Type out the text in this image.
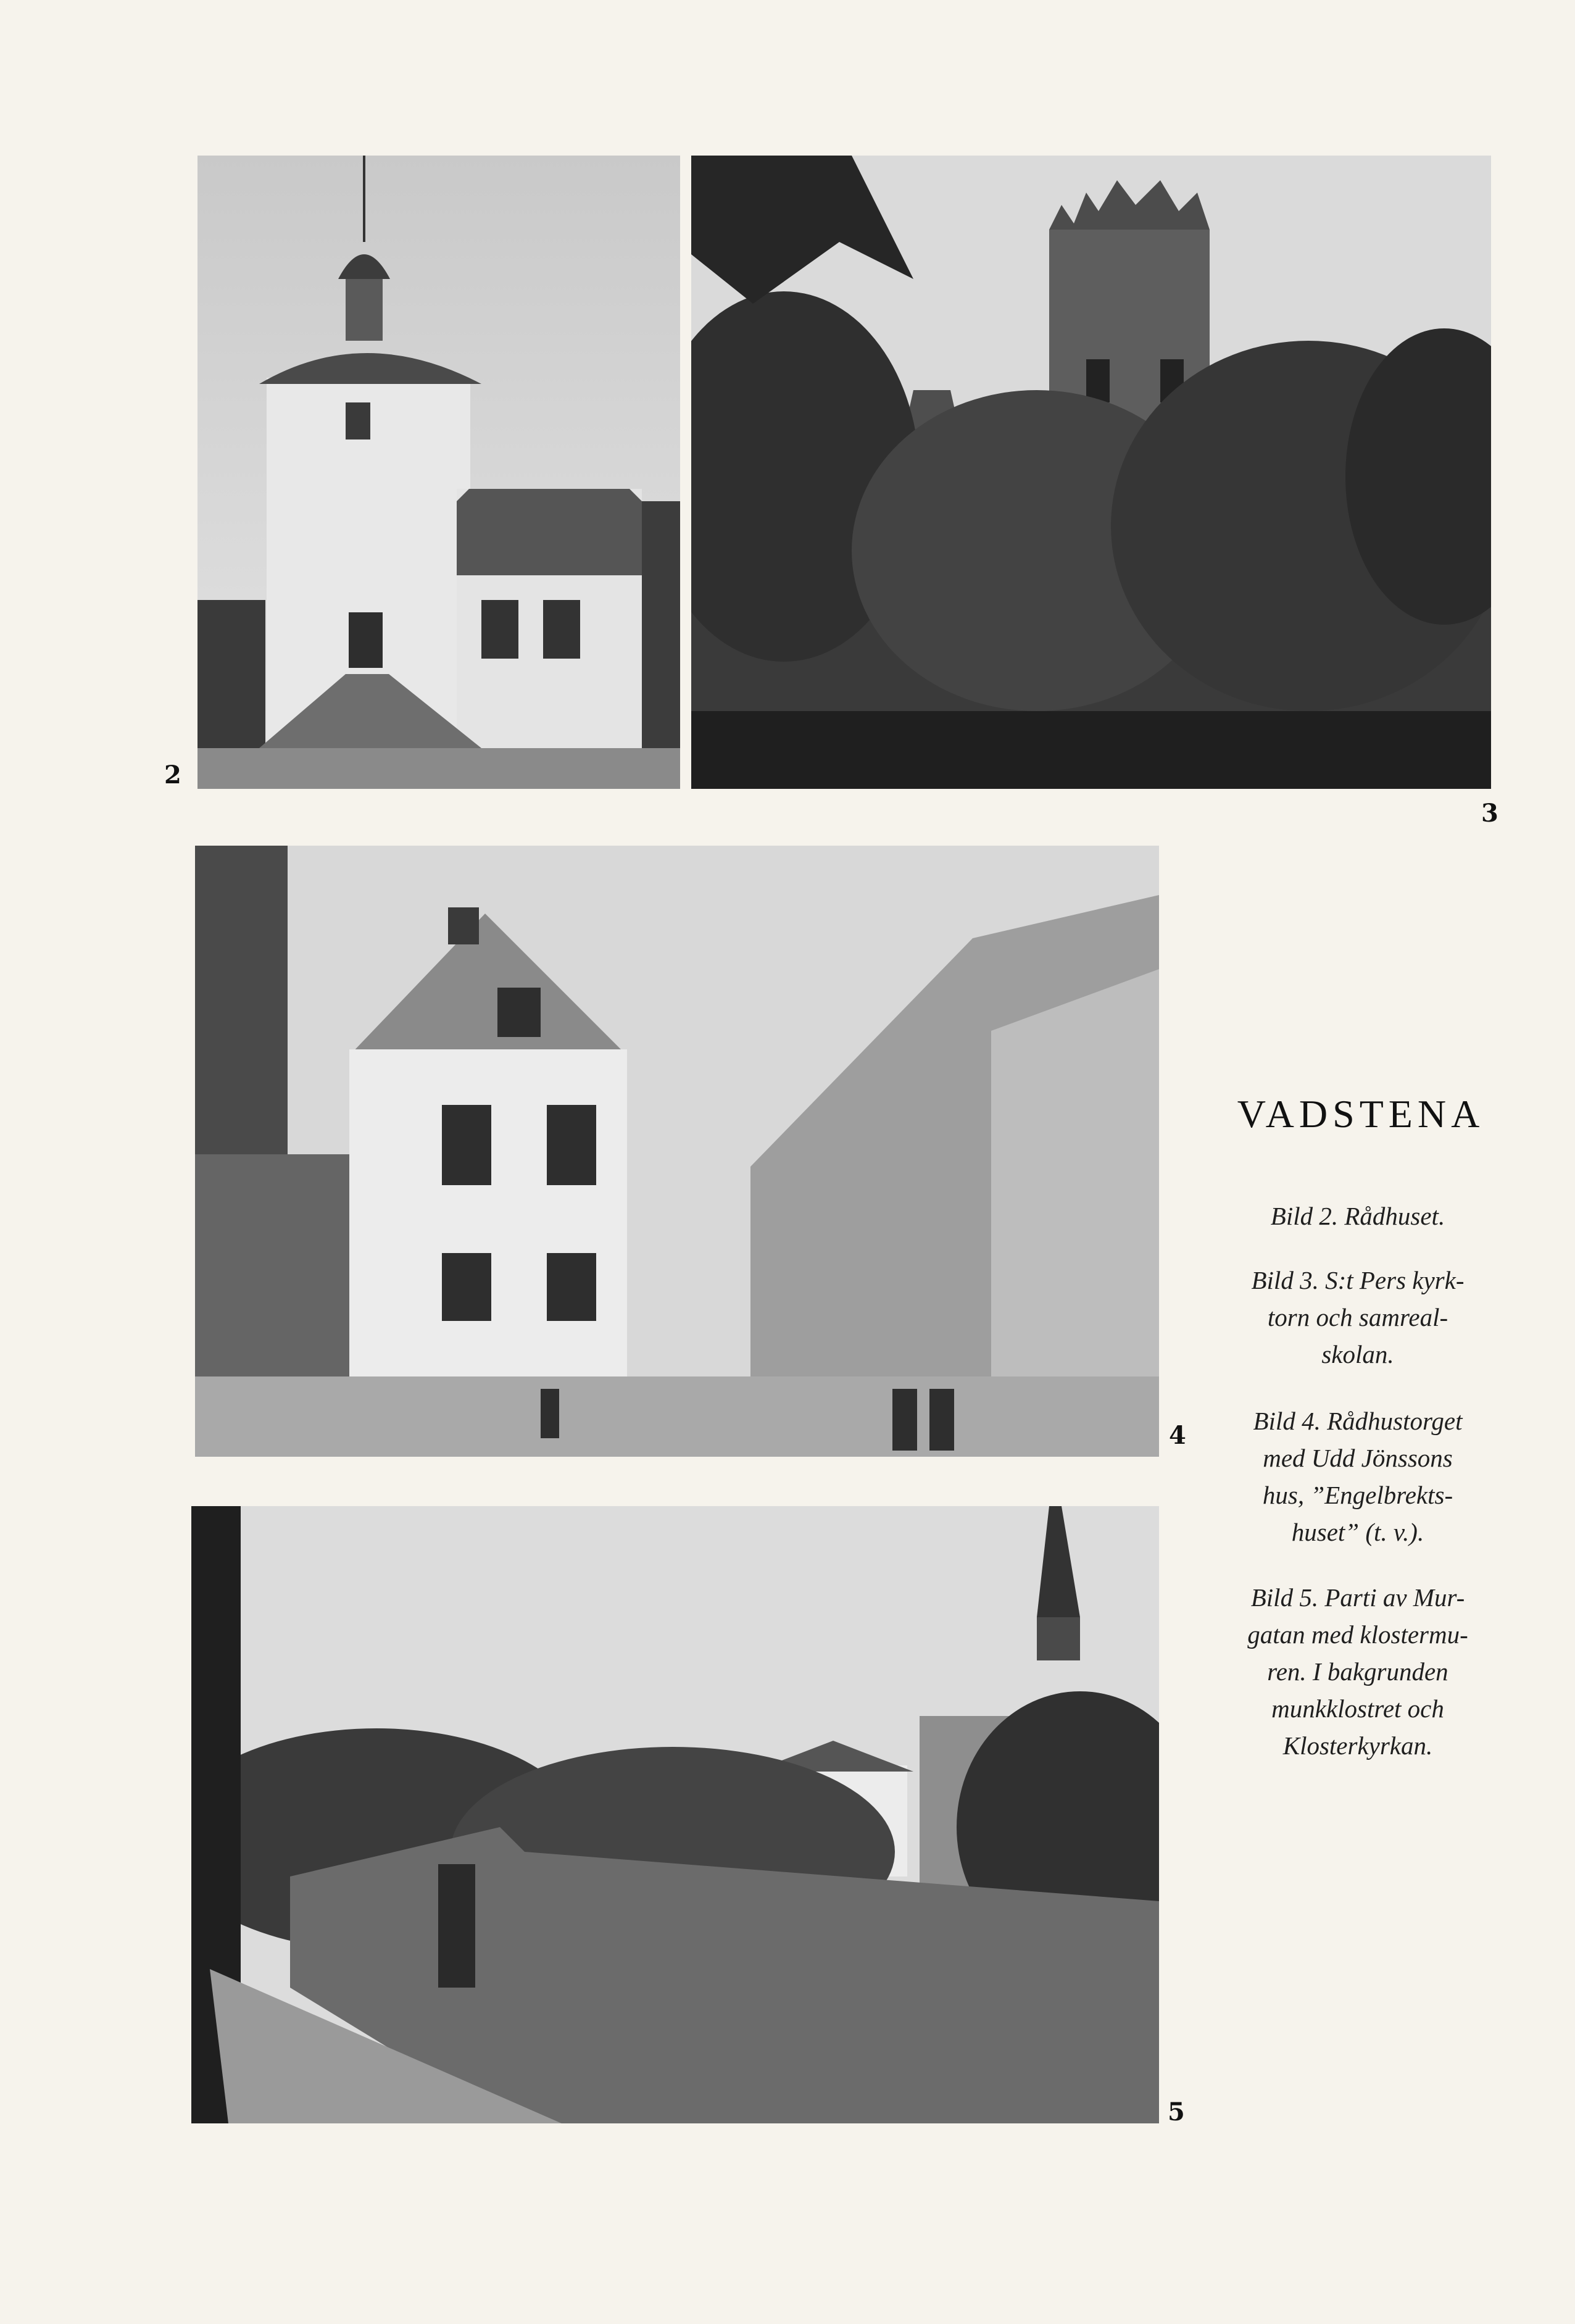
2
3
4
5
VADSTENA
Bild 2. Rådhuset.
Bild 3. S:t Pers kyrk-
torn och samreal-
skolan.
Bild 4. Rådhustorget
med Udd Jönssons
hus, ”Engelbrekts-
huset” (t. v.).
Bild 5. Parti av Mur-
gatan med klostermu-
ren. I bakgrunden
munkklostret och
Klosterkyrkan.
